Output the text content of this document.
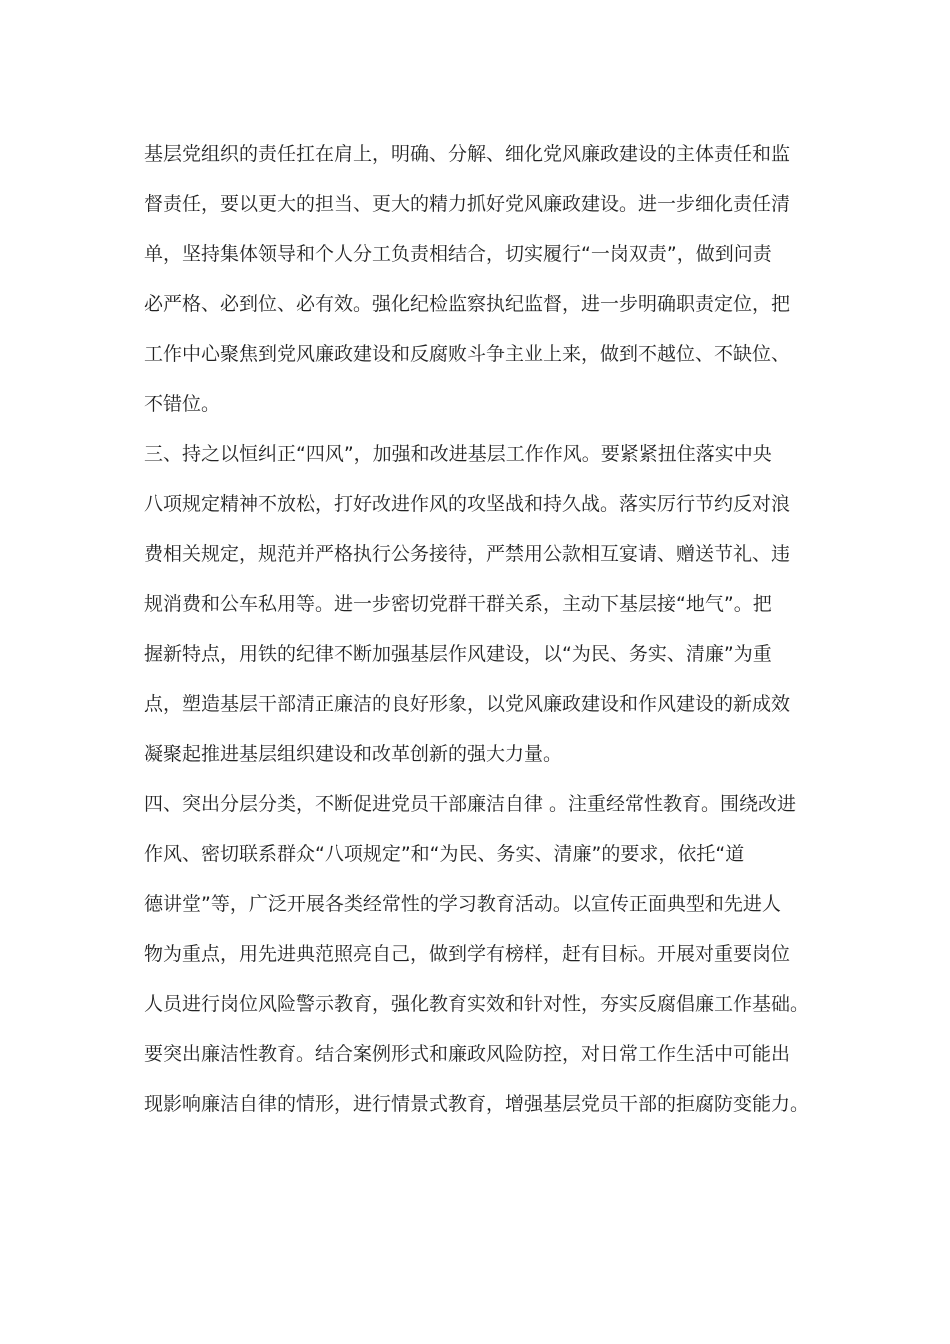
基层党组织的责任扛在肩上，明确、分解、细化党风廉政建设的主体责任和监
督责任，要以更大的担当、更大的精力抓好党风廉政建设。进一步细化责任清
单，坚持集体领导和个人分工负责相结合，切实履行“一岗双责”，做到问责
必严格、必到位、必有效。强化纪检监察执纪监督，进一步明确职责定位，把
工作中心聚焦到党风廉政建设和反腐败斗争主业上来，做到不越位、不缺位、
不错位。
三、持之以恒纠正“四风”，加强和改进基层工作作风。要紧紧扭住落实中央
八项规定精神不放松，打好改进作风的攻坚战和持久战。落实厉行节约反对浪
费相关规定，规范并严格执行公务接待，严禁用公款相互宴请、赠送节礼、违
规消费和公车私用等。进一步密切党群干群关系，主动下基层接“地气”。把
握新特点，用铁的纪律不断加强基层作风建设，以“为民、务实、清廉”为重
点，塑造基层干部清正廉洁的良好形象，以党风廉政建设和作风建设的新成效
凝聚起推进基层组织建设和改革创新的强大力量。
四、突出分层分类，不断促进党员干部廉洁自律 。注重经常性教育。围绕改进
作风、密切联系群众“八项规定”和“为民、务实、清廉”的要求，依托“道
德讲堂”等，广泛开展各类经常性的学习教育活动。以宣传正面典型和先进人
物为重点，用先进典范照亮自己，做到学有榜样，赶有目标。开展对重要岗位
人员进行岗位风险警示教育，强化教育实效和针对性，夯实反腐倡廉工作基础。
要突出廉洁性教育。结合案例形式和廉政风险防控，对日常工作生活中可能出
现影响廉洁自律的情形，进行情景式教育，增强基层党员干部的拒腐防变能力。
